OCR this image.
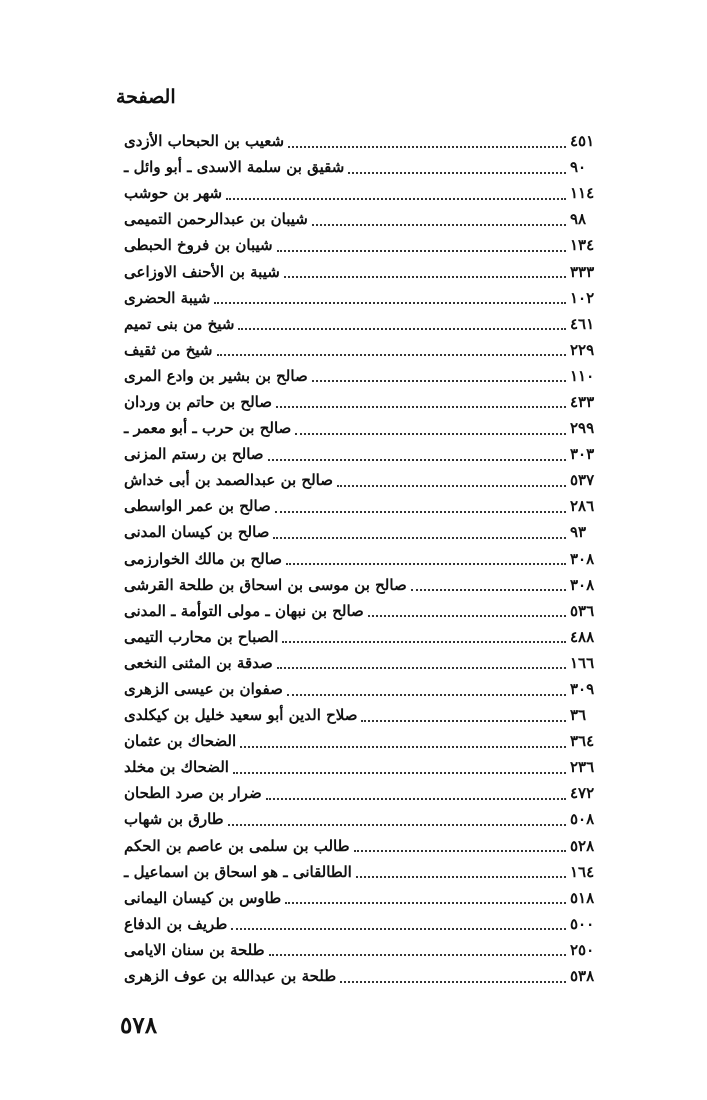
الصفحة
شعيب بن الحبحاب الأزدى	٤٥١
شقيق بن سلمة الاسدى ـ أبو وائل ـ	٩٠
شهر بن حوشب	١١٤
شيبان بن عبدالرحمن التميمى	٩٨
شيبان بن فروخ الحبطى	١٣٤
شيبة بن الأحنف الاوزاعى	٣٣٣
شيبة الحضرى	١٠٢
شيخ من بنى تميم	٤٦١
شيخ من ثقيف	٢٢٩
صالح بن بشير بن وادع المرى	١١٠
صالح بن حاتم بن وردان	٤٣٣
صالح بن حرب ـ أبو معمر ـ	٢٩٩
صالح بن رستم المزنى	٣٠٣
صالح بن عبدالصمد بن أبى خداش	٥٣٧
صالح بن عمر الواسطى	٢٨٦
صالح بن كيسان المدنى	٩٣
صالح بن مالك الخوارزمى	٣٠٨
صالح بن موسى بن اسحاق بن طلحة القرشى	٣٠٨
صالح بن نبهان ـ مولى التوأمة ـ المدنى	٥٣٦
الصباح بن محارب التيمى	٤٨٨
صدقة بن المثنى النخعى	١٦٦
صفوان بن عيسى الزهرى	٣٠٩
صلاح الدين أبو سعيد خليل بن كيكلدى	٣٦
الضحاك بن عثمان	٣٦٤
الضحاك بن مخلد	٢٣٦
ضرار بن صرد الطحان	٤٧٢
طارق بن شهاب	٥٠٨
طالب بن سلمى بن عاصم بن الحكم	٥٢٨
الطالقانى ـ هو اسحاق بن اسماعيل ـ	١٦٤
طاوس بن كيسان اليمانى	٥١٨
طريف بن الدفاع	٥٠٠
طلحة بن سنان الايامى	٢٥٠
طلحة بن عبدالله بن عوف الزهرى	٥٣٨
٥٧٨
